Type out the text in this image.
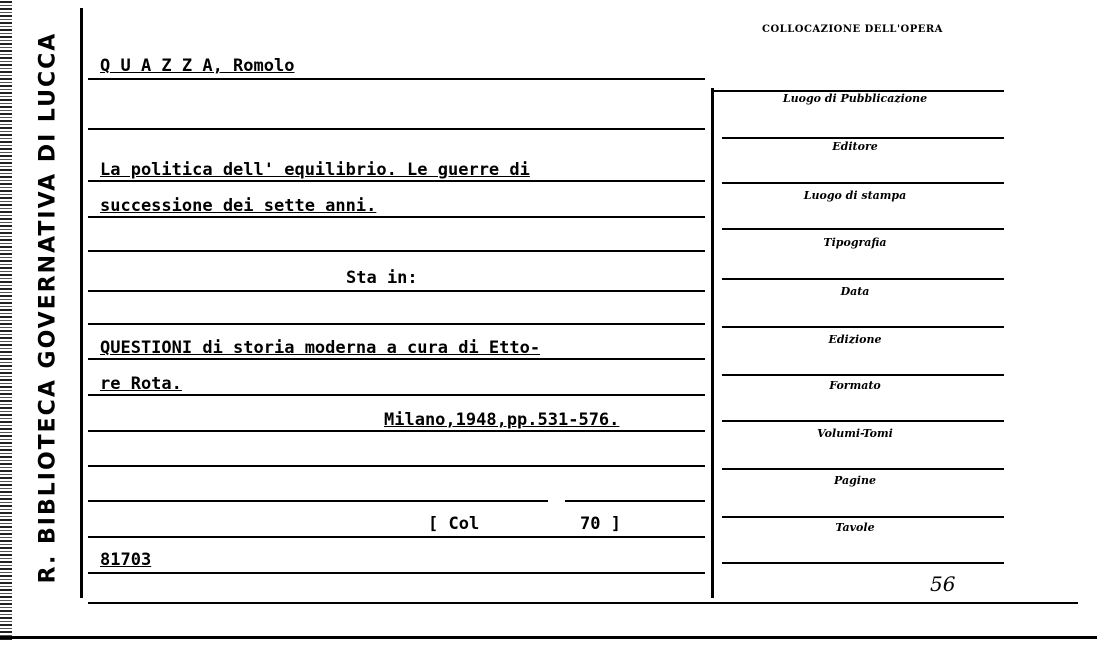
R. BIBLIOTECA GOVERNATIVA DI LUCCA Q U A Z Z A, Romolo
La politica dell' equilibrio. Le guerre di
successione dei sette anni.
Sta in:
QUESTIONI di storia moderna a cura di Etto-
re Rota.
Milano,1948,pp.531-576.
[ Col	70 ]
81703
COLLOCAZIONE DELL'OPERA
Luogo di Pubblicazione
Editore
Luogo di stampa
Tipografia
Data
Edizione
Formato
Volumi-Tomi
Pagine
Tavole
56
